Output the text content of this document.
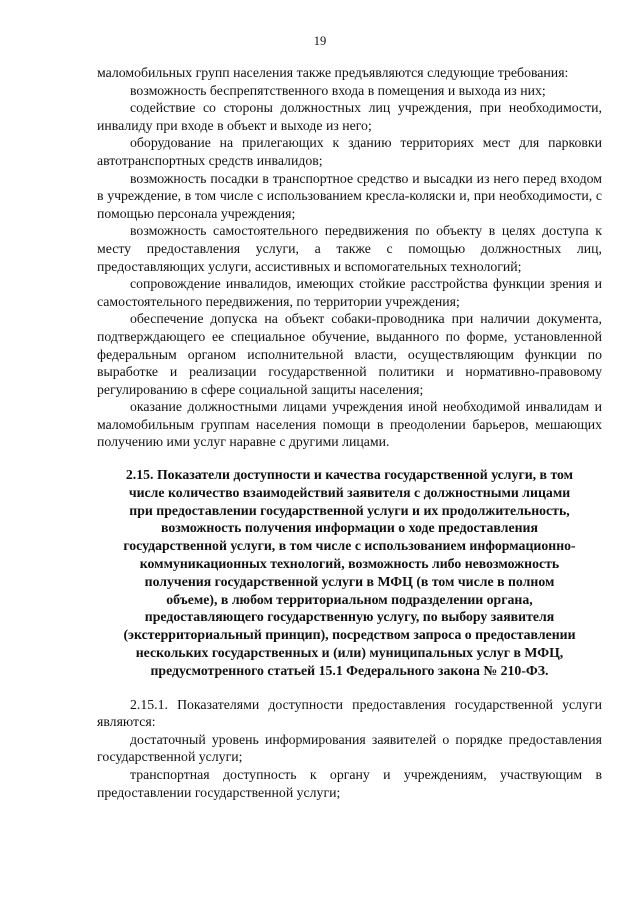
19

маломобильных групп населения также предъявляются следующие требования:

возможность беспрепятственного входа в помещения и выхода из них;

содействие со стороны должностных лиц учреждения, при необходимости, инвалиду при входе в объект и выходе из него;

оборудование на прилегающих к зданию территориях мест для парковки автотранспортных средств инвалидов;

возможность посадки в транспортное средство и высадки из него перед входом в учреждение, в том числе с использованием кресла-коляски и, при необходимости, с помощью персонала учреждения;

возможность самостоятельного передвижения по объекту в целях доступа к месту предоставления услуги, а также с помощью должностных лиц, предоставляющих услуги, ассистивных и вспомогательных технологий;

сопровождение инвалидов, имеющих стойкие расстройства функции зрения и самостоятельного передвижения, по территории учреждения;

обеспечение допуска на объект собаки-проводника при наличии документа, подтверждающего ее специальное обучение, выданного по форме, установленной федеральным органом исполнительной власти, осуществляющим функции по выработке и реализации государственной политики и нормативно-правовому регулированию в сфере социальной защиты населения;

оказание должностными лицами учреждения иной необходимой инвалидам и маломобильным группам населения помощи в преодолении барьеров, мешающих получению ими услуг наравне с другими лицами.

2.15. Показатели доступности и качества государственной услуги, в том
числе количество взаимодействий заявителя с должностными лицами
при предоставлении государственной услуги и их продолжительность,
возможность получения информации о ходе предоставления
государственной услуги, в том числе с использованием информационно-
коммуникационных технологий, возможность либо невозможность
получения государственной услуги в МФЦ (в том числе в полном
объеме), в любом территориальном подразделении органа,
предоставляющего государственную услугу, по выбору заявителя
(экстерриториальный принцип), посредством запроса о предоставлении
нескольких государственных и (или) муниципальных услуг в МФЦ,
предусмотренного статьей 15.1 Федерального закона № 210-ФЗ.

2.15.1. Показателями доступности предоставления государственной услуги являются:

достаточный уровень информирования заявителей о порядке предоставления государственной услуги;

транспортная доступность к органу и учреждениям, участвующим в предоставлении государственной услуги;
